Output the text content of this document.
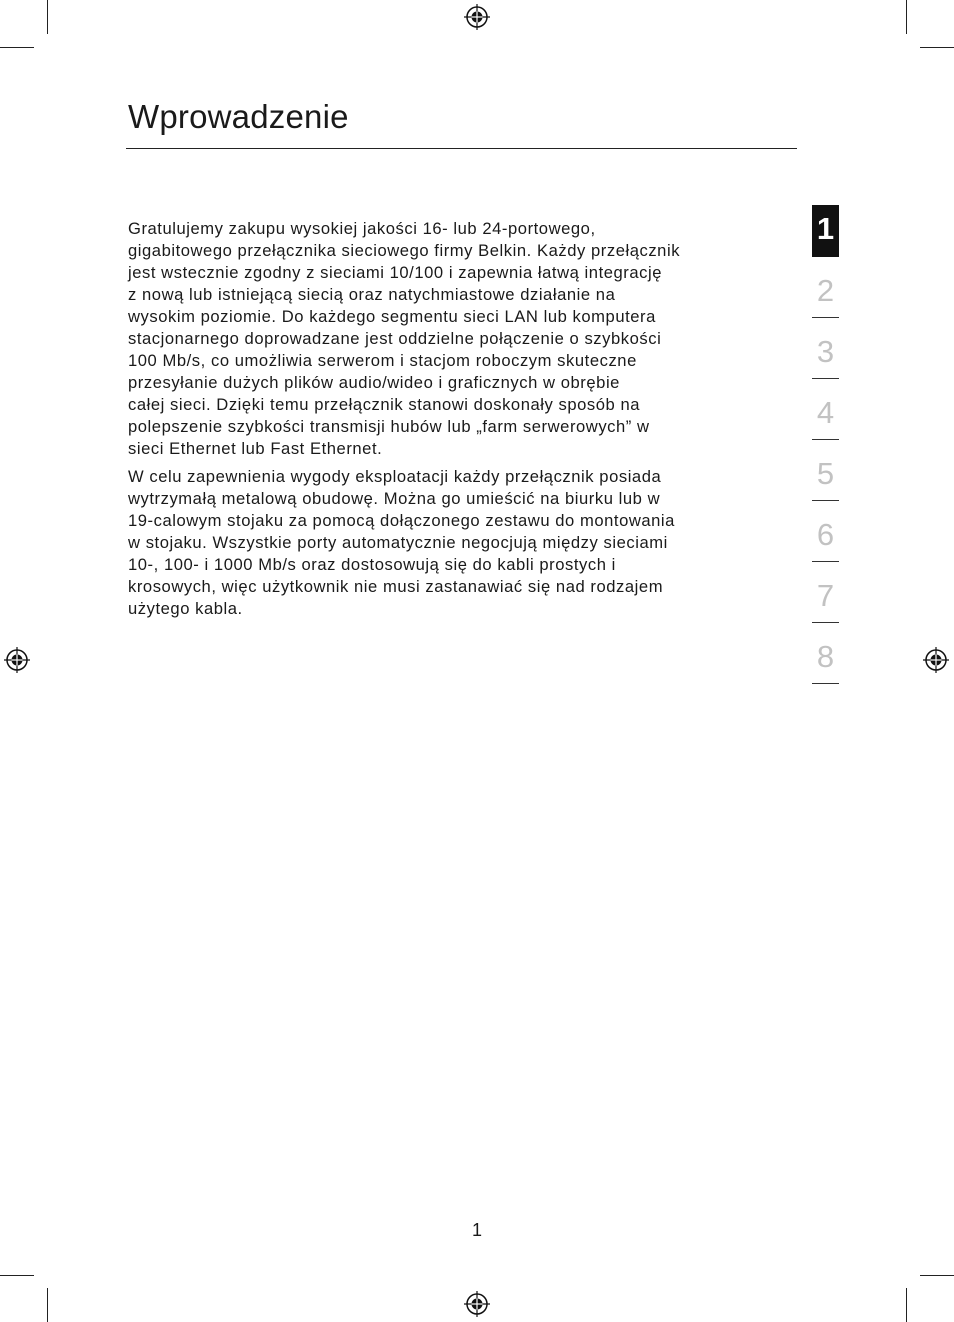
Wprowadzenie

Gratulujemy zakupu wysokiej jakości 16- lub 24-portowego,
gigabitowego przełącznika sieciowego firmy Belkin. Każdy przełącznik
jest wstecznie zgodny z sieciami 10/100 i zapewnia łatwą integrację
z nową lub istniejącą siecią oraz natychmiastowe działanie na
wysokim poziomie. Do każdego segmentu sieci LAN lub komputera
stacjonarnego doprowadzane jest oddzielne połączenie o szybkości
100 Mb/s, co umożliwia serwerom i stacjom roboczym skuteczne
przesyłanie dużych plików audio/wideo i graficznych w obrębie
całej sieci. Dzięki temu przełącznik stanowi doskonały sposób na
polepszenie szybkości transmisji hubów lub „farm serwerowych” w
sieci Ethernet lub Fast Ethernet.

W celu zapewnienia wygody eksploatacji każdy przełącznik posiada
wytrzymałą metalową obudowę. Można go umieścić na biurku lub w
19-calowym stojaku za pomocą dołączonego zestawu do montowania
w stojaku. Wszystkie porty automatycznie negocjują między sieciami
10-, 100- i 1000 Mb/s oraz dostosowują się do kabli prostych i
krosowych, więc użytkownik nie musi zastanawiać się nad rodzajem
użytego kabla.

1
2
3
4
5
6
7
8
1
